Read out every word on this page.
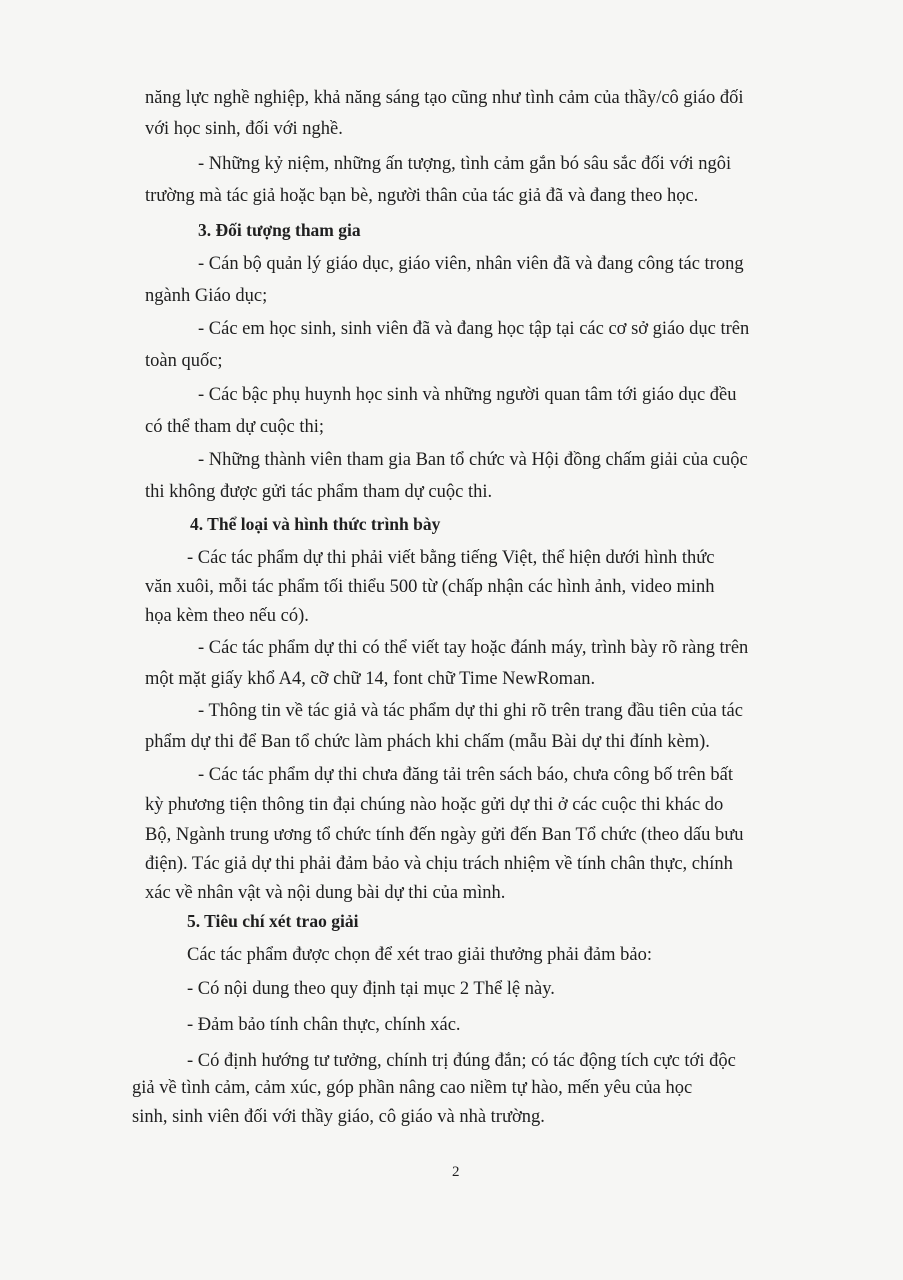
năng lực nghề nghiệp, khả năng sáng tạo cũng như tình cảm của thầy/cô giáo đối
với học sinh, đối với nghề.
- Những kỷ niệm, những ấn tượng, tình cảm gắn bó sâu sắc đối với ngôi
trường mà tác giả hoặc bạn bè, người thân của tác giả đã và đang theo học.
3. Đối tượng tham gia
- Cán bộ quản lý giáo dục, giáo viên, nhân viên đã và đang công tác trong
ngành Giáo dục;
- Các em học sinh, sinh viên đã và đang học tập tại các cơ sở giáo dục trên
toàn quốc;
- Các bậc phụ huynh học sinh và những người quan tâm tới giáo dục đều
có thể tham dự cuộc thi;
- Những thành viên tham gia Ban tổ chức và Hội đồng chấm giải của cuộc
thi không được gửi tác phẩm tham dự cuộc thi.
4. Thể loại và hình thức trình bày
- Các tác phẩm dự thi phải viết bằng tiếng Việt, thể hiện dưới hình thức
văn xuôi, mỗi tác phẩm tối thiểu 500 từ (chấp nhận các hình ảnh, video minh
họa kèm theo nếu có).
- Các tác phẩm dự thi có thể viết tay hoặc đánh máy, trình bày rõ ràng trên
một mặt giấy khổ A4, cỡ chữ 14, font chữ Time NewRoman.
- Thông tin về tác giả và tác phẩm dự thi ghi rõ trên trang đầu tiên của tác
phẩm dự thi để Ban tổ chức làm phách khi chấm (mẫu Bài dự thi đính kèm).
- Các tác phẩm dự thi chưa đăng tải trên sách báo, chưa công bố trên bất
kỳ phương tiện thông tin đại chúng nào hoặc gửi dự thi ở các cuộc thi khác do
Bộ, Ngành trung ương tổ chức tính đến ngày gửi đến Ban Tổ chức (theo dấu bưu
điện). Tác giả dự thi phải đảm bảo và chịu trách nhiệm về tính chân thực, chính
xác về nhân vật và nội dung bài dự thi của mình.
5. Tiêu chí xét trao giải
Các tác phẩm được chọn để xét trao giải thưởng phải đảm bảo:
- Có nội dung theo quy định tại mục 2 Thể lệ này.
- Đảm bảo tính chân thực, chính xác.
- Có định hướng tư tưởng, chính trị đúng đắn; có tác động tích cực tới độc
giả về tình cảm, cảm xúc, góp phần nâng cao niềm tự hào, mến yêu của học
sinh, sinh viên đối với thầy giáo, cô giáo và nhà trường.
2
